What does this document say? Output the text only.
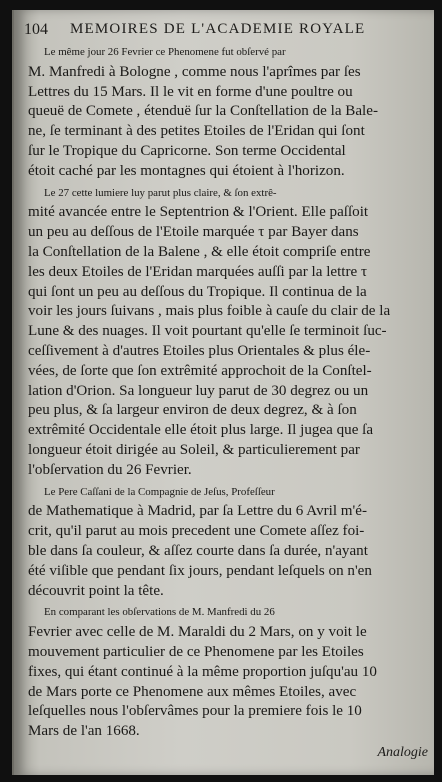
104 MEMOIRES DE L'ACADEMIE ROYALE

Le même jour 26 Fevrier ce Phenomene fut obſervé par
M. Manfredi à Bologne , comme nous l'aprîmes par ſes
Lettres du 15 Mars. Il le vit en forme d'une poultre ou
queuë de Comete , étenduë ſur la Conſtellation de la Bale-
ne, ſe terminant à des petites Etoiles de l'Eridan qui ſont
ſur le Tropique du Capricorne. Son terme Occidental
étoit caché par les montagnes qui étoient à l'horizon.

Le 27 cette lumiere luy parut plus claire, & ſon extrê-
mité avancée entre le Septentrion & l'Orient. Elle paſſoit
un peu au deſſous de l'Etoile marquée τ par Bayer dans
la Conſtellation de la Balene , & elle étoit compriſe entre
les deux Etoiles de l'Eridan marquées auſſi par la lettre τ
qui ſont un peu au deſſous du Tropique. Il continua de la
voir les jours ſuivans , mais plus foible à cauſe du clair de la
Lune & des nuages. Il voit pourtant qu'elle ſe terminoit ſuc-
ceſſivement à d'autres Etoiles plus Orientales & plus éle-
vées, de ſorte que ſon extrêmité approchoit de la Conſtel-
lation d'Orion. Sa longueur luy parut de 30 degrez ou un
peu plus, & ſa largeur environ de deux degrez, & à ſon
extrêmité Occidentale elle étoit plus large. Il jugea que ſa
longueur étoit dirigée au Soleil, & particulierement par
l'obſervation du 26 Fevrier.

Le Pere Caſſani de la Compagnie de Jeſus, Profeſſeur
de Mathematique à Madrid, par ſa Lettre du 6 Avril m'é-
crit, qu'il parut au mois precedent une Comete aſſez foi-
ble dans ſa couleur, & aſſez courte dans ſa durée, n'ayant
été viſible que pendant ſix jours, pendant leſquels on n'en
découvrit point la tête.

En comparant les obſervations de M. Manfredi du 26
Fevrier avec celle de M. Maraldi du 2 Mars, on y voit le
mouvement particulier de ce Phenomene par les Etoiles
fixes, qui étant continué à la même proportion juſqu'au 10
de Mars porte ce Phenomene aux mêmes Etoiles, avec
leſquelles nous l'obſervâmes pour la premiere fois le 10
Mars de l'an 1668.

Analogie
